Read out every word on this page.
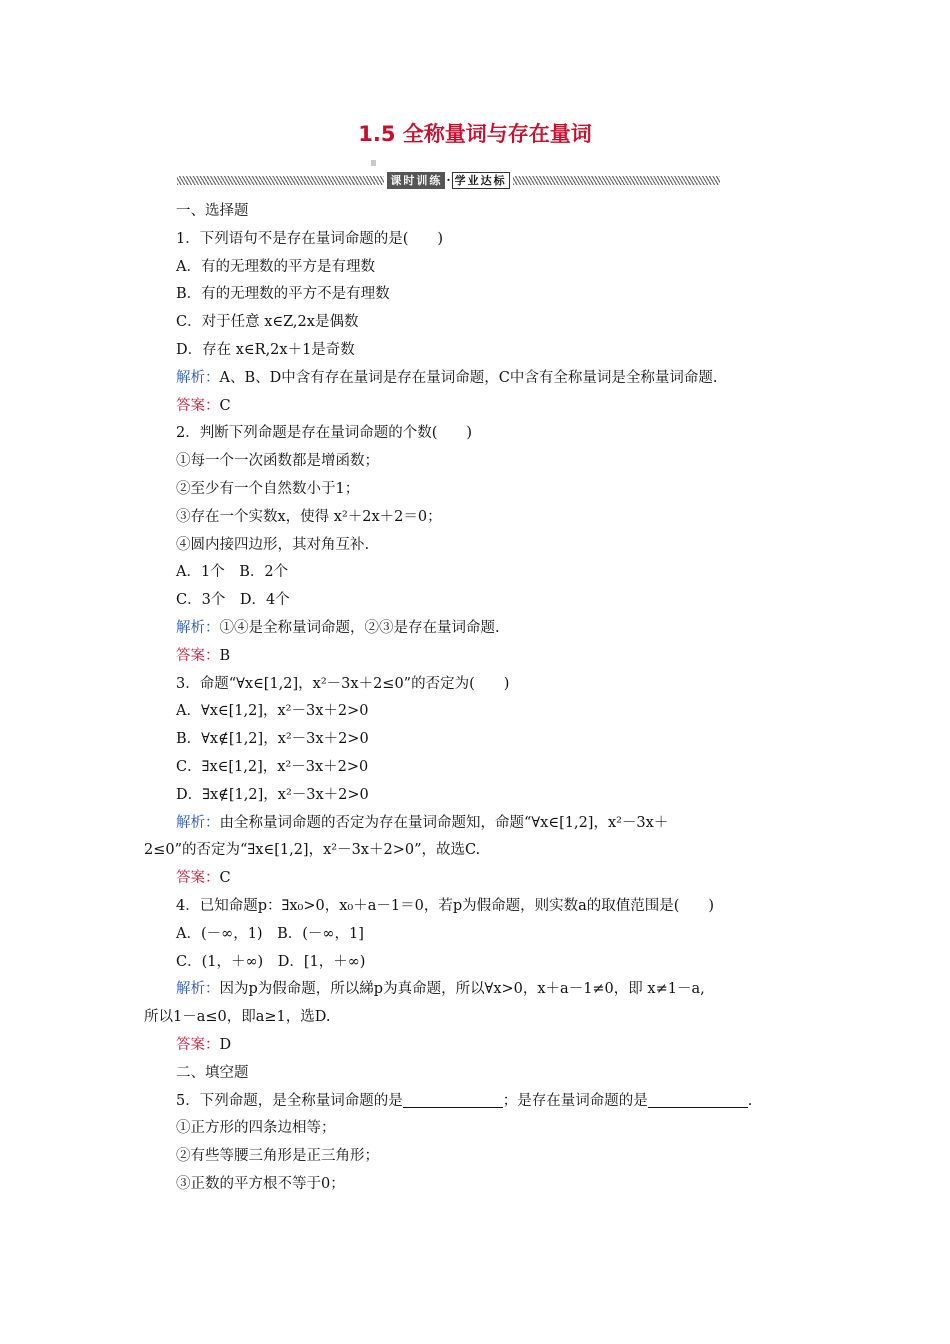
1.5 全称量词与存在量词
课时训练 · 学业达标
一、选择题
1．下列语句不是存在量词命题的是(　　)
A．有的无理数的平方是有理数
B．有的无理数的平方不是有理数
C．对于任意 x∈Z,2x是偶数
D．存在 x∈R,2x＋1是奇数
解析：A、B、D中含有存在量词是存在量词命题，C中含有全称量词是全称量词命题.
答案：C
2．判断下列命题是存在量词命题的个数(　　)
①每一个一次函数都是增函数；
②至少有一个自然数小于1；
③存在一个实数x，使得 x²＋2x＋2＝0；
④圆内接四边形，其对角互补.
A．1个　B．2个
C．3个　D．4个
解析：①④是全称量词命题，②③是存在量词命题.
答案：B
3．命题“∀x∈[1,2]，x²－3x＋2≤0”的否定为(　　)
A．∀x∈[1,2]，x²－3x＋2>0
B．∀x∉[1,2]，x²－3x＋2>0
C．∃x∈[1,2]，x²－3x＋2>0
D．∃x∉[1,2]，x²－3x＋2>0
解析：由全称量词命题的否定为存在量词命题知，命题“∀x∈[1,2]，x²－3x＋
2≤0”的否定为“∃x∈[1,2]，x²－3x＋2>0”，故选C.
答案：C
4．已知命题p：∃x₀>0，x₀＋a－1＝0，若p为假命题，则实数a的取值范围是(　　)
A．(－∞，1)　B．(－∞，1]
C．(1，＋∞)　D．[1，＋∞)
解析：因为p为假命题，所以綈p为真命题，所以∀x>0，x＋a－1≠0，即 x≠1－a,
所以1－a≤0，即a≥1，选D.
答案：D
二、填空题
5．下列命题，是全称量词命题的是	；是存在量词命题的是	.
①正方形的四条边相等；
②有些等腰三角形是正三角形；
③正数的平方根不等于0；
